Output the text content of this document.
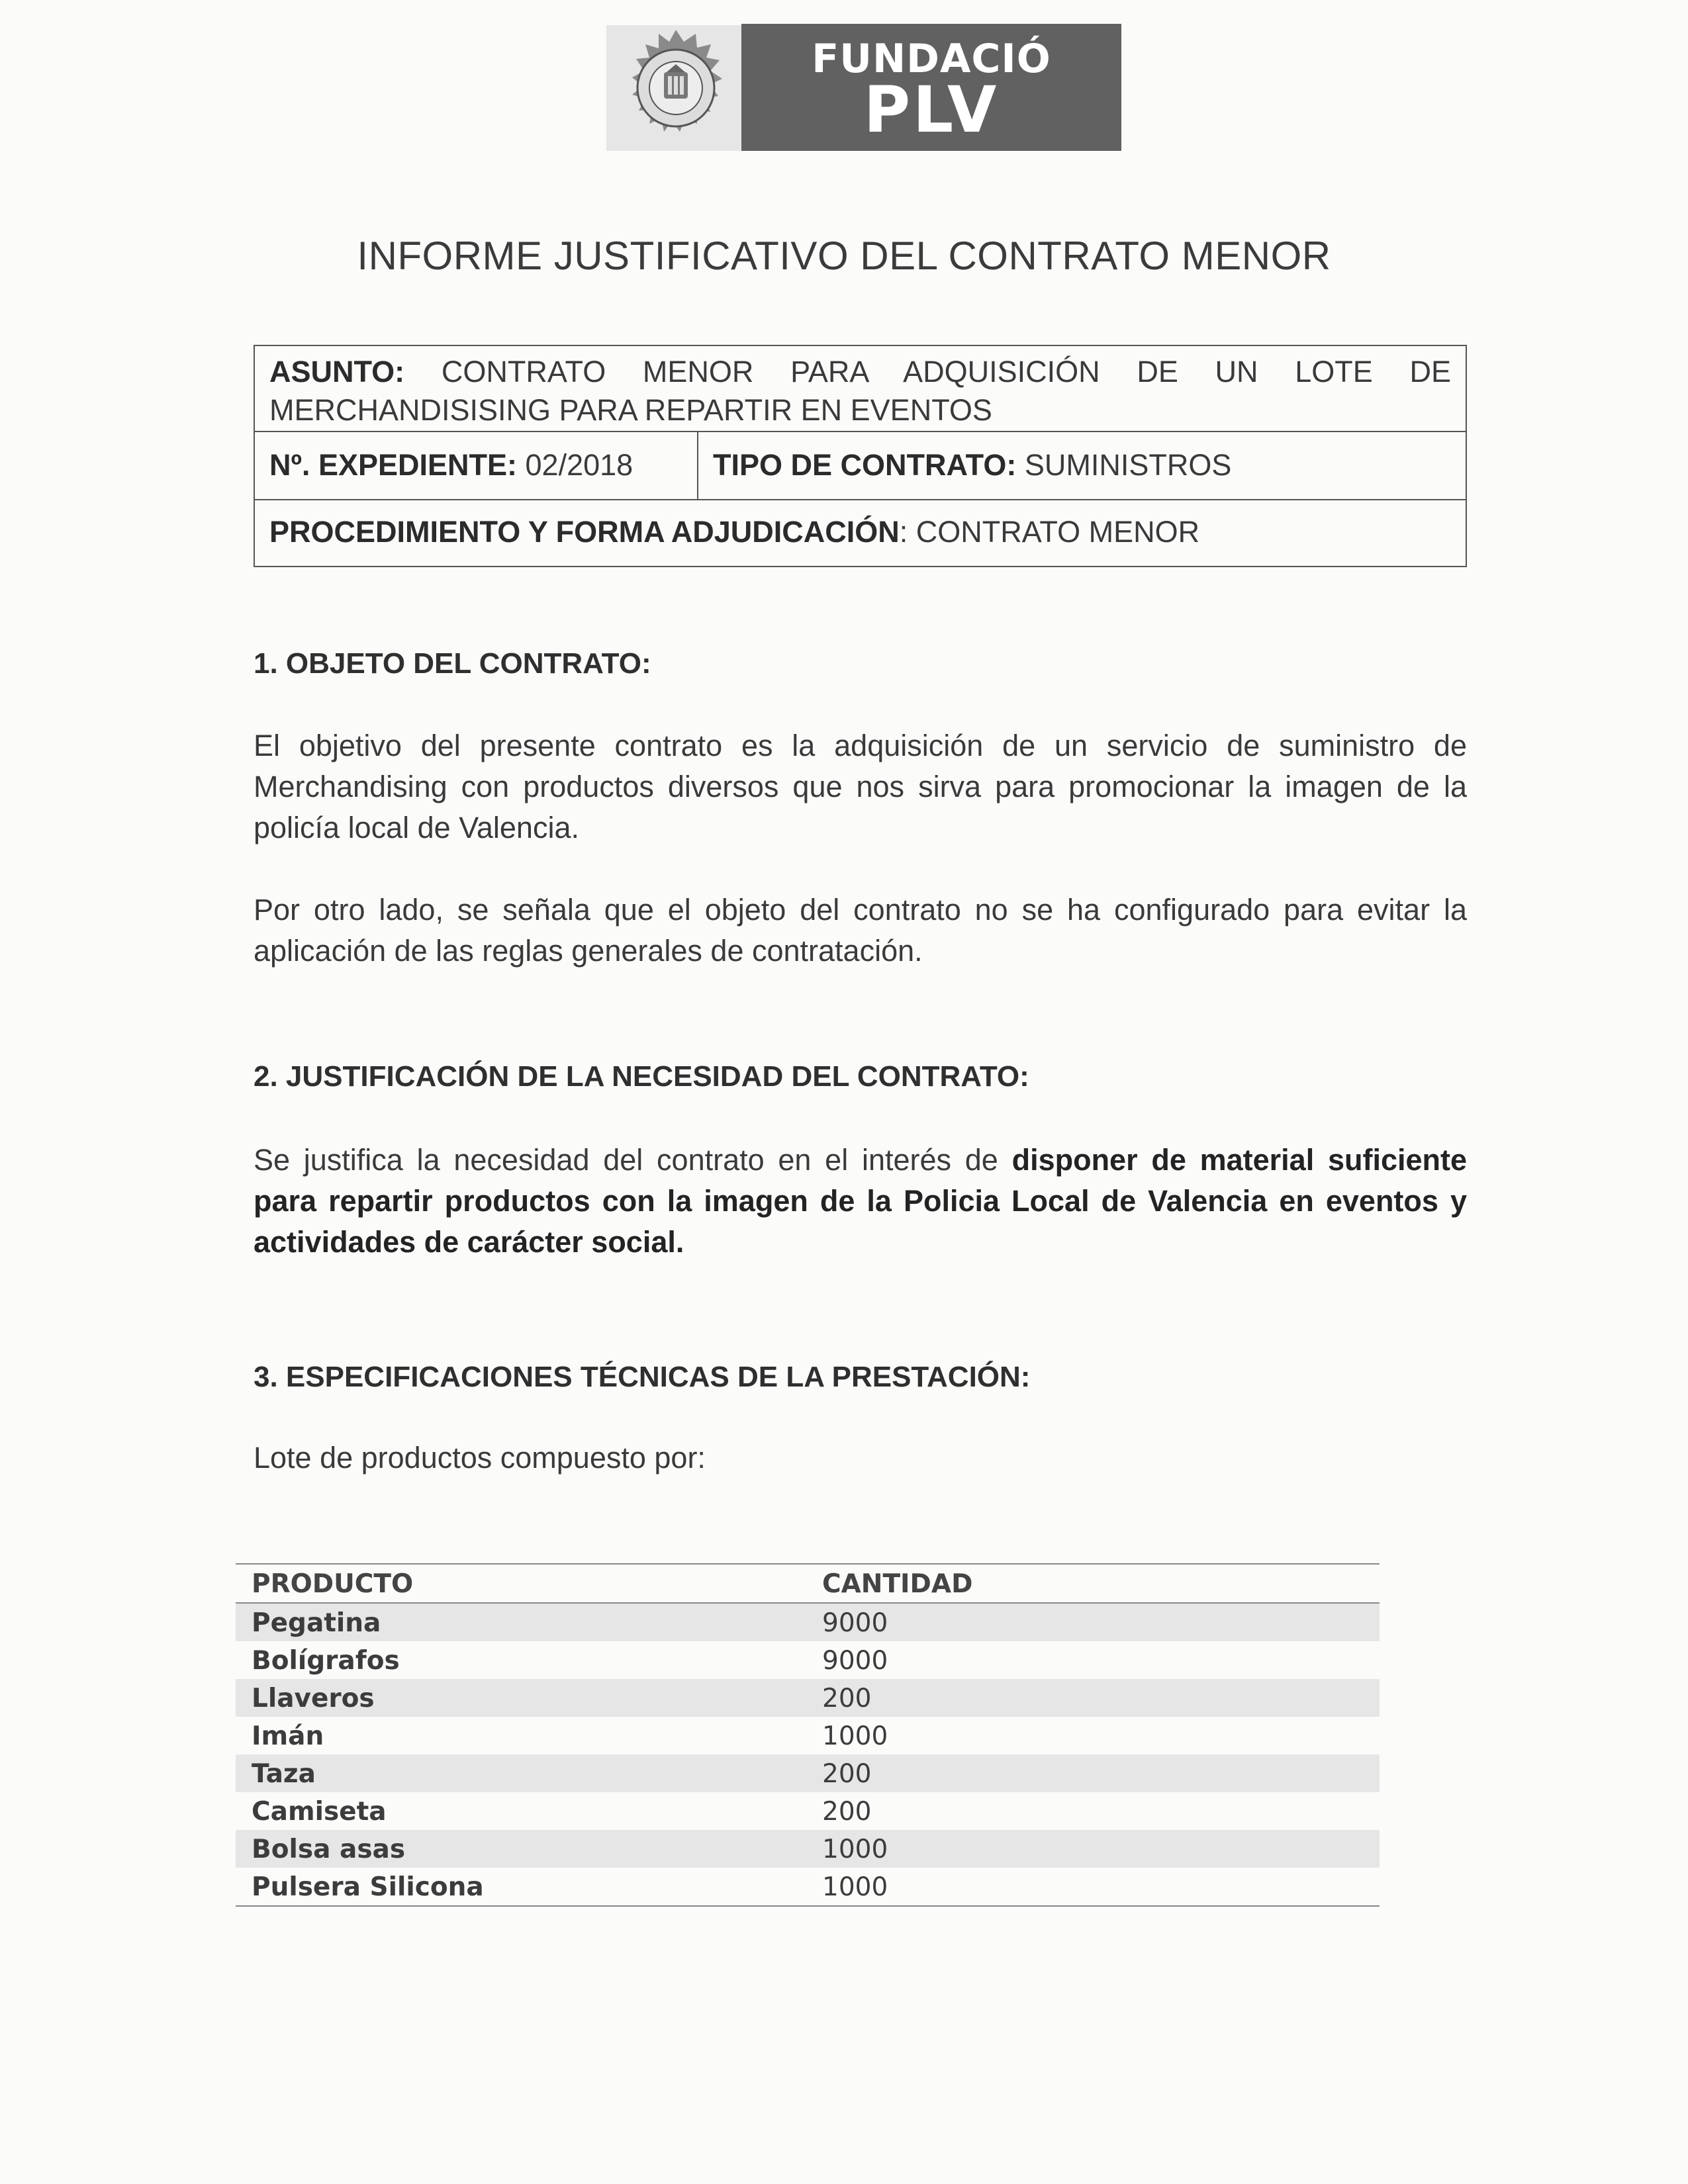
FUNDACIÓ
PLV
INFORME JUSTIFICATIVO DEL CONTRATO MENOR
ASUNTO: CONTRATO MENOR PARA ADQUISICIÓN DE UN LOTE DE MERCHANDISISING PARA REPARTIR EN EVENTOS
Nº. EXPEDIENTE: 02/2018	TIPO DE CONTRATO: SUMINISTROS
PROCEDIMIENTO Y FORMA ADJUDICACIÓN: CONTRATO MENOR
1. OBJETO DEL CONTRATO:
El objetivo del presente contrato es la adquisición de un servicio de suministro de Merchandising con productos diversos que nos sirva para promocionar la imagen de la policía local de Valencia.
Por otro lado, se señala que el objeto del contrato no se ha configurado para evitar la aplicación de las reglas generales de contratación.
2. JUSTIFICACIÓN DE LA NECESIDAD DEL CONTRATO:
Se justifica la necesidad del contrato en el interés de disponer de material suficiente para repartir productos con la imagen de la Policia Local de Valencia en eventos y actividades de carácter social.
3. ESPECIFICACIONES TÉCNICAS DE LA PRESTACIÓN:
Lote de productos compuesto por:
PRODUCTO	CANTIDAD
Pegatina	9000
Bolígrafos	9000
Llaveros	200
Imán	1000
Taza	200
Camiseta	200
Bolsa asas	1000
Pulsera Silicona	1000
